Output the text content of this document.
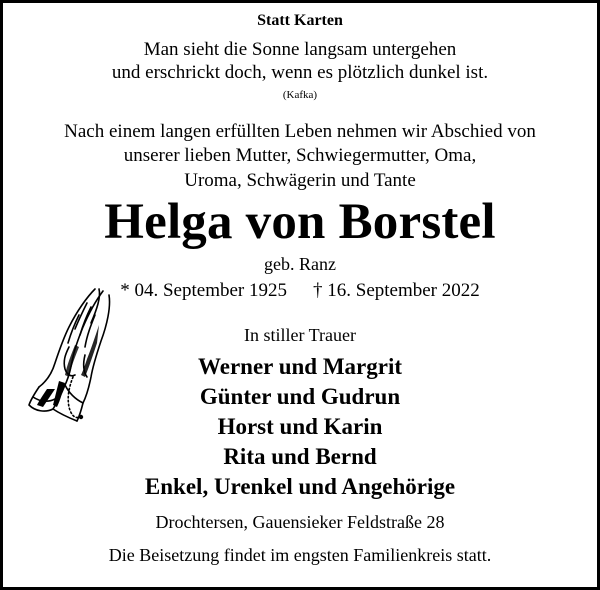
Statt Karten

Man sieht die Sonne langsam untergehen

und erschrickt doch, wenn es plötzlich dunkel ist.

(Kafka)

Nach einem langen erfüllten Leben nehmen wir Abschied von

unserer lieben Mutter, Schwiegermutter, Oma,

Uroma, Schwägerin und Tante

Helga von Borstel

geb. Ranz

* 04. September 1925 † 16. September 2022

In stiller Trauer

Werner und Margrit

Günter und Gudrun

Horst und Karin

Rita und Bernd

Enkel, Urenkel und Angehörige

Drochtersen, Gauensieker Feldstraße 28

Die Beisetzung findet im engsten Familienkreis statt.
